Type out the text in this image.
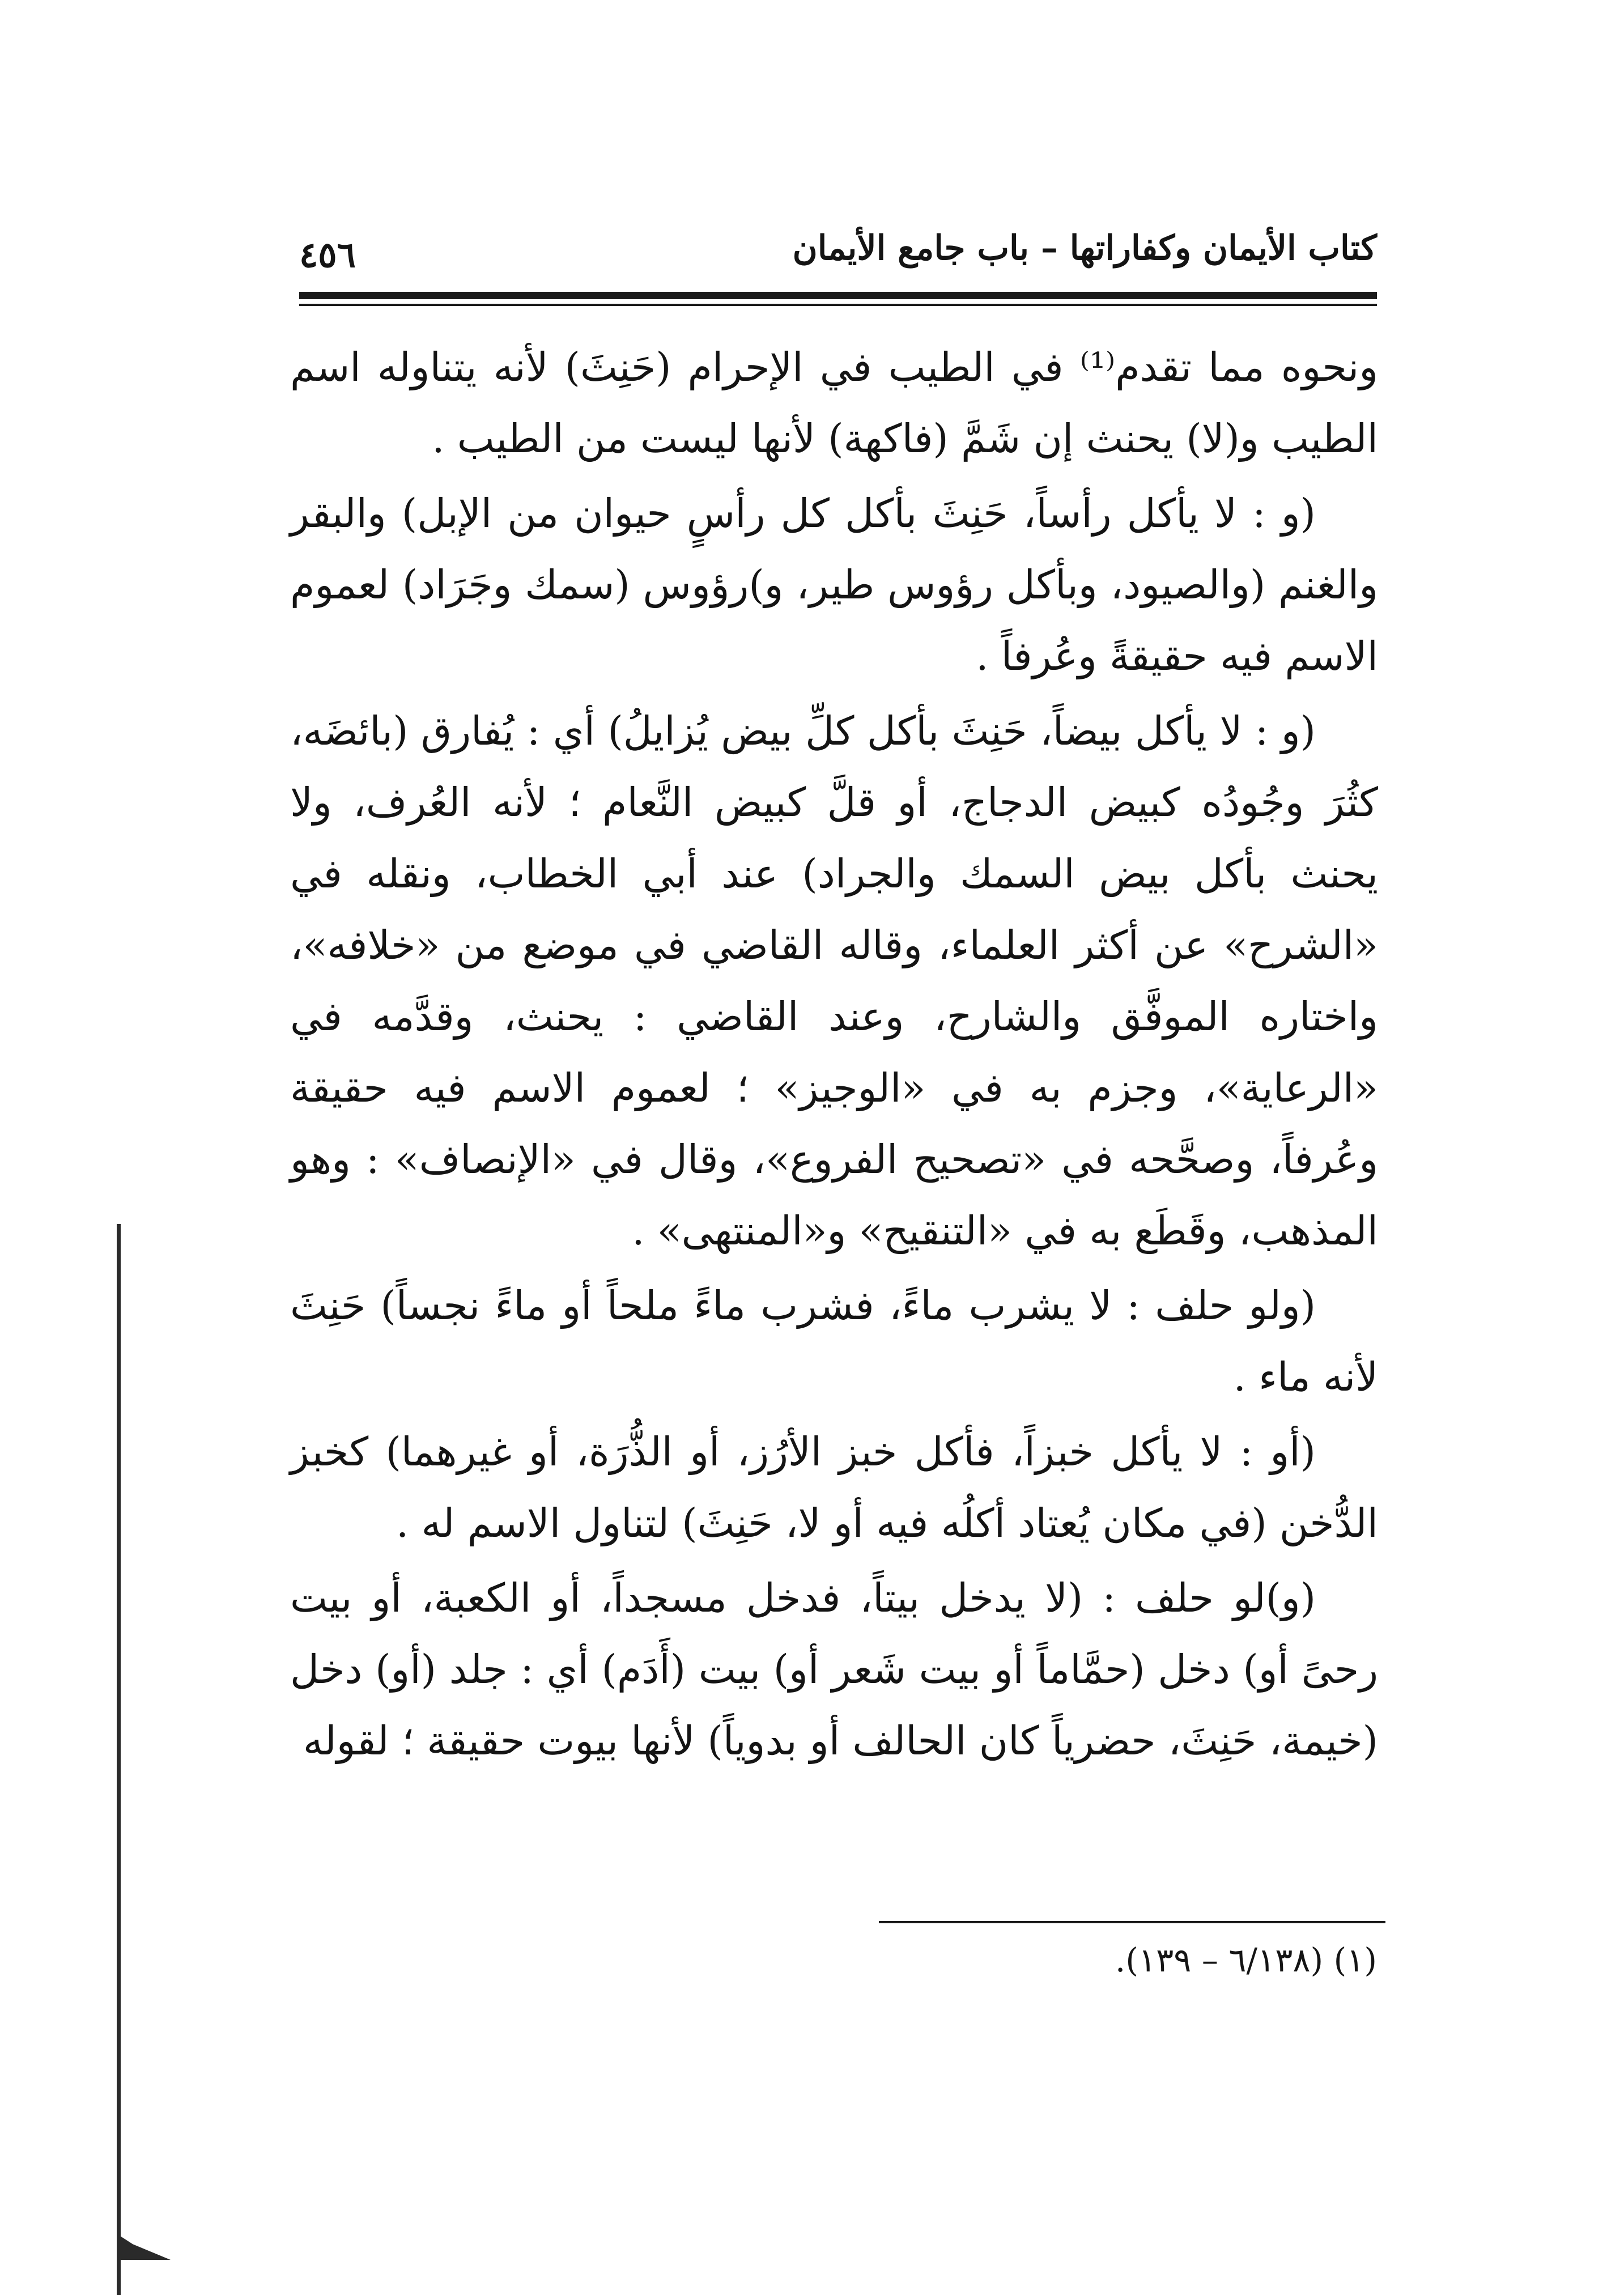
٤٥٦	كتاب الأيمان وكفاراتها – باب جامع الأيمان

ونحوه مما تقدم⁽¹⁾ في الطيب في الإحرام (حَنِثَ) لأنه يتناوله اسم الطيب و(لا) يحنث إن شَمَّ (فاكهة) لأنها ليست من الطيب .

(و : لا يأكل رأساً، حَنِثَ بأكل كل رأسٍ حيوان من الإبل) والبقر والغنم (والصيود، وبأكل رؤوس طير، و)رؤوس (سمك وجَرَاد) لعموم الاسم فيه حقيقةً وعُرفاً .

(و : لا يأكل بيضاً، حَنِثَ بأكل كلِّ بيض يُزايلُ) أي : يُفارق (بائضَه، كثُرَ وجُودُه كبيض الدجاج، أو قلَّ كبيض النَّعام ؛ لأنه العُرف، ولا يحنث بأكل بيض السمك والجراد) عند أبي الخطاب، ونقله في «الشرح» عن أكثر العلماء، وقاله القاضي في موضع من «خلافه»، واختاره الموفَّق والشارح، وعند القاضي : يحنث، وقدَّمه في «الرعاية»، وجزم به في «الوجيز» ؛ لعموم الاسم فيه حقيقة وعُرفاً، وصحَّحه في «تصحيح الفروع»، وقال في «الإنصاف» : وهو المذهب، وقَطَع به في «التنقيح» و«المنتهى» .

(ولو حلف : لا يشرب ماءً، فشرب ماءً ملحاً أو ماءً نجساً) حَنِثَ لأنه ماء .

(أو : لا يأكل خبزاً، فأكل خبز الأرُز، أو الذُّرَة، أو غيرهما) كخبز الدُّخن (في مكان يُعتاد أكلُه فيه أو لا، حَنِثَ) لتناول الاسم له .

(و)لو حلف : (لا يدخل بيتاً، فدخل مسجداً، أو الكعبة، أو بيت رحىً أو) دخل (حمَّاماً أو بيت شَعر أو) بيت (أَدَم) أي : جلد (أو) دخل (خيمة، حَنِثَ، حضرياً كان الحالف أو بدوياً) لأنها بيوت حقيقة ؛ لقوله

(١) (٦/١٣٨ – ١٣٩).
